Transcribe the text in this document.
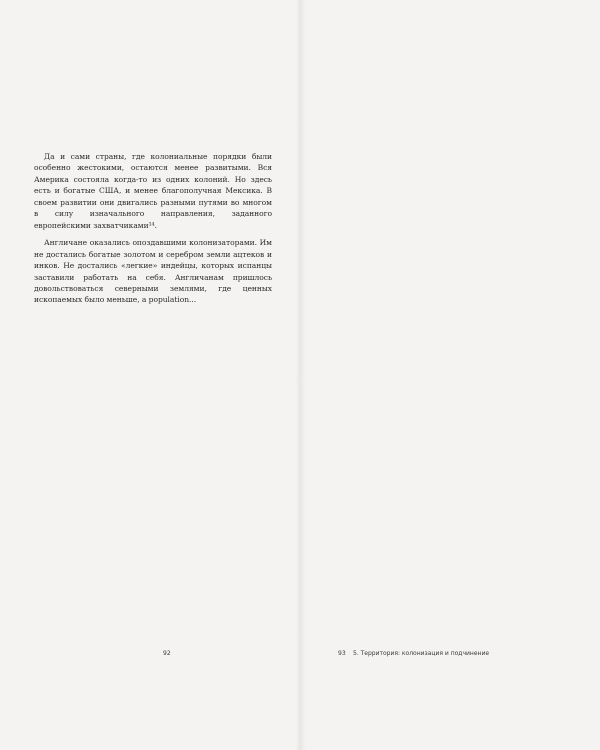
Да и сами страны, где колониальные порядки были особенно жестокими, остаются менее развитыми. Вся Америка состояла когда-то из одних колоний. Но здесь есть и богатые США, и менее благополучная Мексика. В своем развитии они двигались разными путями во многом в силу изначального направления, заданного европейскими захватчиками¹⁴.

Англичане оказались опоздавшими колонизаторами. Им не достались богатые золотом и серебром земли ацтеков и инков. Не достались «легкие» индейцы, которых испанцы заставили работать на себя. Англичанам пришлось довольствоваться северными землями, где ценных ископаемых было меньше, а population...

92	93 5. Территория: колонизация и подчинение
